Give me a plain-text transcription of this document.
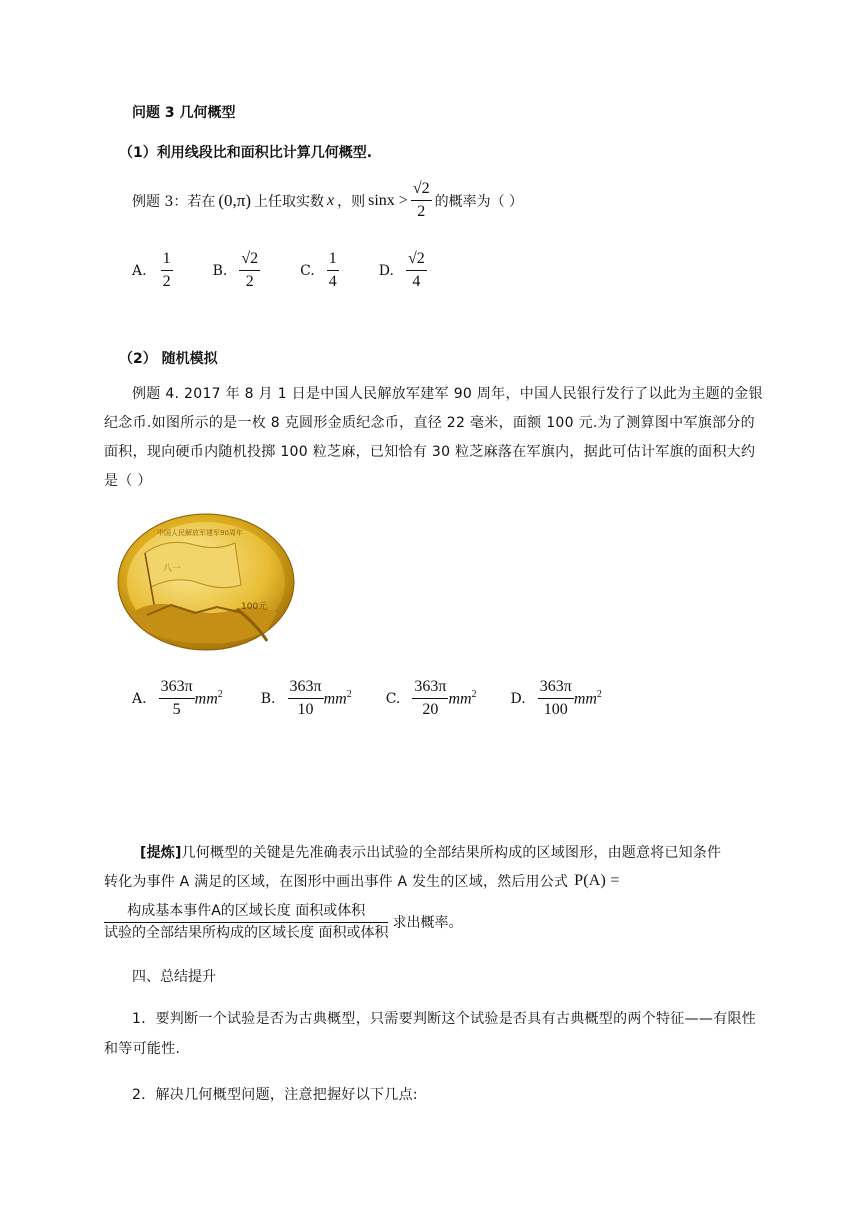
问题 3 几何概型
（1）利用线段比和面积比计算几何概型.
例题 3：若在 (0,π) 上任取实数 x ，则 $\sin x > \frac{√2}{2}$ 的概率为（ ）
A. $\frac{1}{2}$	B. $\frac{√2}{2}$	C. $\frac{1}{4}$	D. $\frac{√2}{4}$
（2） 随机模拟
例题 4. 2017 年 8 月 1 日是中国人民解放军建军 90 周年，中国人民银行发行了以此为主题的金银纪念币.如图所示的是一枚 8 克圆形金质纪念币，直径 22 毫米，面额 100 元.为了测算图中军旗部分的面积，现向硬币内随机投掷 100 粒芝麻，已知恰有 30 粒芝麻落在军旗内，据此可估计军旗的面积大约是（ ）
八一
中国人民解放军建军90周年
100元
A. $\frac{363\pi}{5} mm^2$	B. $\frac{363\pi}{10} mm^2$ C. $\frac{363\pi}{20} mm^2$ D. $\frac{363\pi}{100} mm^2$
[提炼]几何概型的关键是先准确表示出试验的全部结果所构成的区域图形，由题意将已知条件
转化为事件 A 满足的区域，在图形中画出事件 A 发生的区域，然后用公式 P(A) =
$\frac{\text{构成基本事件A的区域长度 面积或体积}}{\text{试验的全部结果所构成的区域长度 面积或体积}}$ 求出概率。
四、总结提升
1．要判断一个试验是否为古典概型，只需要判断这个试验是否具有古典概型的两个特征——有限性和等可能性.
2．解决几何概型问题，注意把握好以下几点:
